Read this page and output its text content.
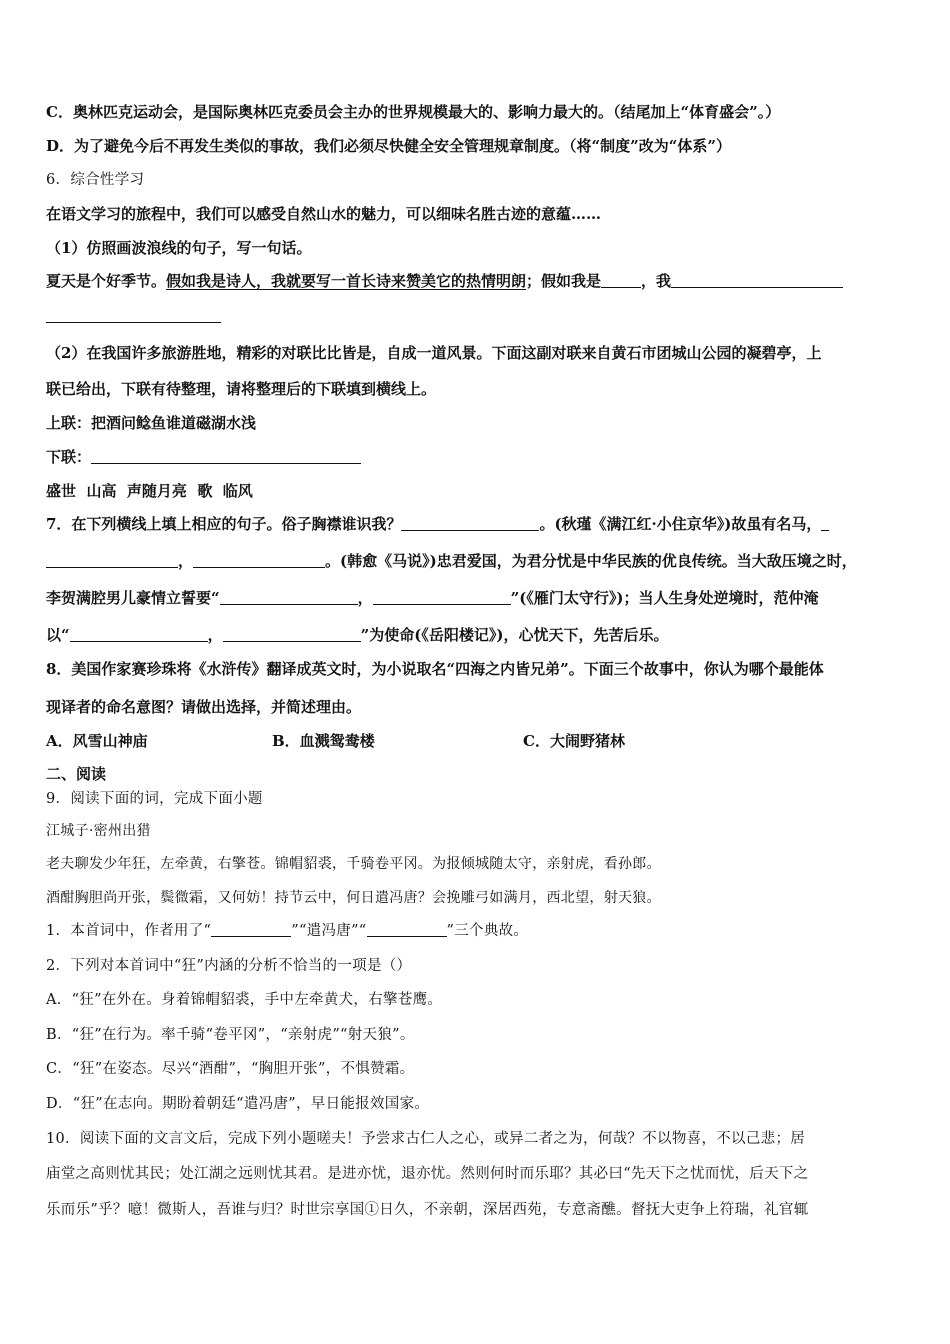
C．奥林匹克运动会，是国际奥林匹克委员会主办的世界规模最大的、影响力最大的。（结尾加上“体育盛会”。）
D．为了避免今后不再发生类似的事故，我们必须尽快健全安全管理规章制度。（将“制度”改为“体系”）
6．综合性学习
在语文学习的旅程中，我们可以感受自然山水的魅力，可以细味名胜古迹的意蕴……
（1）仿照画波浪线的句子，写一句话。
夏天是个好季节。假如我是诗人，我就要写一首长诗来赞美它的热情明朗；假如我是	，我
（2）在我国许多旅游胜地，精彩的对联比比皆是，自成一道风景。下面这副对联来自黄石市团城山公园的凝碧亭，上
联已给出，下联有待整理，请将整理后的下联填到横线上。
上联：把酒问鲶鱼谁道磁湖水浅
下联：
盛世  山高  声随月亮  歌  临风
7．在下列横线上填上相应的句子。俗子胸襟谁识我？	。(秋瑾《满江红·小住京华》)故虽有名马，
，	。(韩愈《马说》)忠君爱国，为君分忧是中华民族的优良传统。当大敌压境之时，
李贺满腔男儿豪情立誓要“	，	”(《雁门太守行》)；当人生身处逆境时，范仲淹
以“	，	”为使命(《岳阳楼记》)，心忧天下，先苦后乐。
8．美国作家赛珍珠将《水浒传》翻译成英文时，为小说取名“四海之内皆兄弟”。下面三个故事中，你认为哪个最能体
现译者的命名意图？请做出选择，并简述理由。
A．风雪山神庙	B．血溅鸳鸯楼	C．大闹野猪林
二、阅读
9．阅读下面的词，完成下面小题
江城子·密州出猎
老夫聊发少年狂，左牵黄，右擎苍。锦帽貂裘，千骑卷平冈。为报倾城随太守，亲射虎，看孙郎。
酒酣胸胆尚开张，鬓微霜，又何妨！持节云中，何日遣冯唐？会挽雕弓如满月，西北望，射天狼。
1．本首词中，作者用了“	”“遣冯唐”“	”三个典故。
2．下列对本首词中“狂”内涵的分析不恰当的一项是（）
A．“狂”在外在。身着锦帽貂裘，手中左牵黄犬，右擎苍鹰。
B．“狂”在行为。率千骑“卷平冈”，“亲射虎”“射天狼”。
C．“狂”在姿态。尽兴“酒酣”，“胸胆开张”，不惧赞霜。
D．“狂”在志向。期盼着朝廷“遣冯唐”，早日能报效国家。
10．阅读下面的文言文后，完成下列小题嗟夫！予尝求古仁人之心，或异二者之为，何哉？不以物喜，不以己悲；居
庙堂之高则忧其民；处江湖之远则忧其君。是进亦忧，退亦忧。然则何时而乐耶？其必曰“先天下之忧而忧，后天下之
乐而乐”乎？噫！微斯人，吾谁与归？时世宗享国①日久，不亲朝，深居西苑，专意斋醮。督抚大吏争上符瑞，礼官辄
